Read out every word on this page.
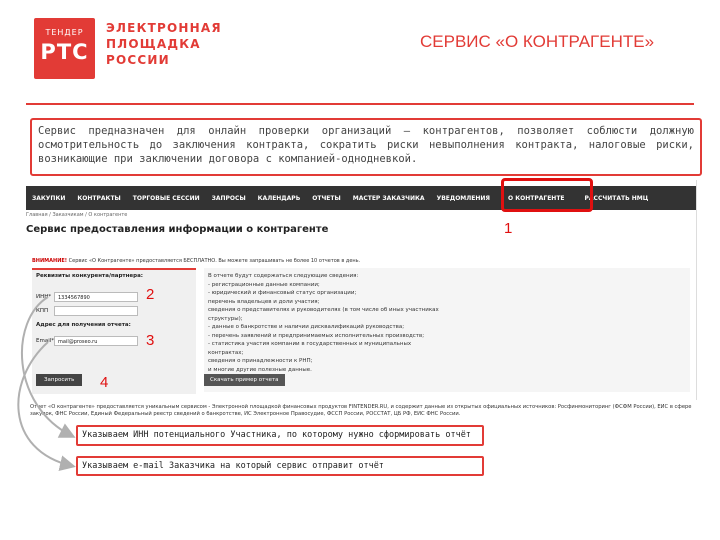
ТЕНДЕР
РТС
ЭЛЕКТРОННАЯ
ПЛОЩАДКА
РОССИИ
СЕРВИС «О КОНТРАГЕНТЕ»
Сервис предназначен для онлайн проверки организаций – контрагентов, позволяет соблюсти должную осмотрительность до заключения контракта, сократить риски невыполнения контракта, налоговые риски, возникающие при заключении договора с компанией-однодневкой.
ЗАКУПКИ	КОНТРАКТЫ	ТОРГОВЫЕ СЕССИИ	ЗАПРОСЫ	КАЛЕНДАРЬ	ОТЧЕТЫ	МАСТЕР ЗАКАЗЧИКА	УВЕДОМЛЕНИЯ	О КОНТРАГЕНТЕ	РАССЧИТАТЬ НМЦ
Главная / Заказчикам / О контрагенте
Сервис предоставления информации о контрагенте	1
ВНИМАНИЕ! Сервис «О Контрагенте» предоставляется БЕСПЛАТНО. Вы можете запрашивать не более 10 отчетов в день.
Реквизиты конкурента/партнера:
ИНН*	1334567890
КПП
Адрес для получения отчета:
Email* mail@proseo.ru
Запросить
2
3
4
В отчете будут содержаться следующие сведения:
- регистрационные данные компании;
- юридический и финансовый статус организации;
перечень владельцев и доли участия;
сведения о представителях и руководителях (в том числе об иных участниках структуры);
- данные о банкротстве и наличии дисквалификаций руководства;
- перечень заявлений и предпринимаемых исполнительных производств;
- статистика участия компании в государственных и муниципальных контрактах;
сведения о принадлежности к РНП;
и многие другие полезные данные.
Скачать пример отчета
Отчет «О контрагенте» предоставляется уникальным сервисом - Электронной площадкой финансовых продуктов FINTENDER.RU, и содержит данные из открытых официальных источников: Росфинмониторинг (ФСФМ России), ЕИС в сфере закупок, ФНС России, Единый Федеральный реестр сведений о банкротстве, ИС Электронное Правосудие, ФССП России, РОССТАТ, ЦБ РФ, ЕИС ФНС России.
Указываем ИНН потенциального Участника, по которому нужно сформировать отчёт
Указываем e-mail Заказчика на который сервис отправит отчёт
